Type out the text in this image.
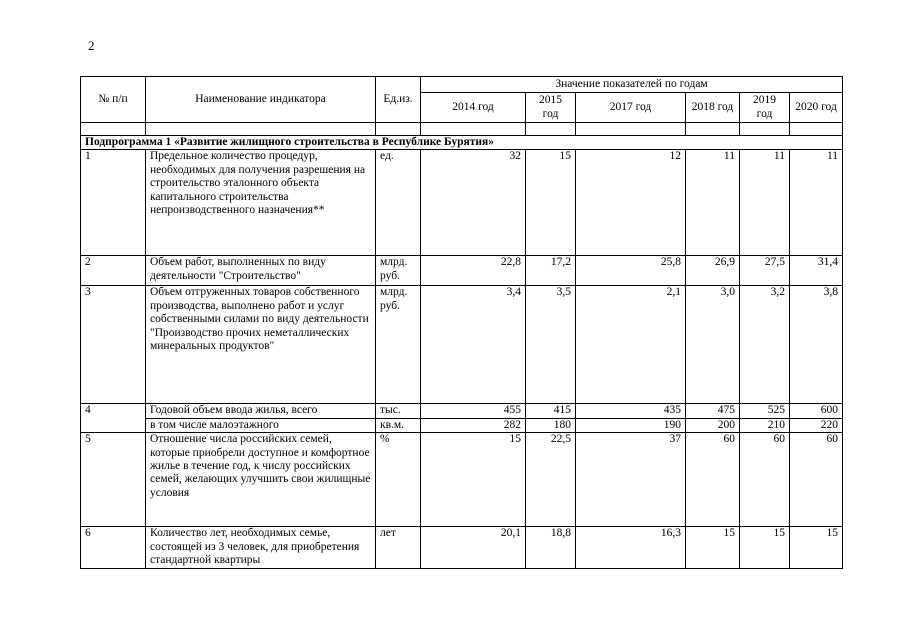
2
№ п/п	Наименование индикатора	Ед.из.	Значение показателей по годам					
			2014 год	2015 год	2017 год	2018 год	2019 год	2020 год

Подпрограмма 1 «Развитие жилищного строительства в Республике Бурятия»								
1	Предельное количество процедур, необходимых для получения разрешения на строительство эталонного объекта капитального строительства непроизводственного назначения**	ед.	32	15	12	11	11	11
2	Объем работ, выполненных по виду деятельности "Строительство"	млрд. руб.	22,8	17,2	25,8	26,9	27,5	31,4
3	Объем отгруженных товаров собственного производства, выполнено работ и услуг собственными силами по виду деятельности "Производство прочих неметаллических минеральных продуктов"	млрд. руб.	3,4	3,5	2,1	3,0	3,2	3,8
4	Годовой объем ввода жилья, всего	тыс.	455	415	435	475	525	600
	в том числе малоэтажного	кв.м.	282	180	190	200	210	220
5	Отношение числа российских семей, которые приобрели доступное и комфортное жилье в течение год, к числу российских семей, желающих улучшить свои жилищные условия	%	15	22,5	37	60	60	60
6	Количество лет, необходимых семье, состоящей из 3 человек, для приобретения стандартной квартиры	лет	20,1	18,8	16,3	15	15	15
